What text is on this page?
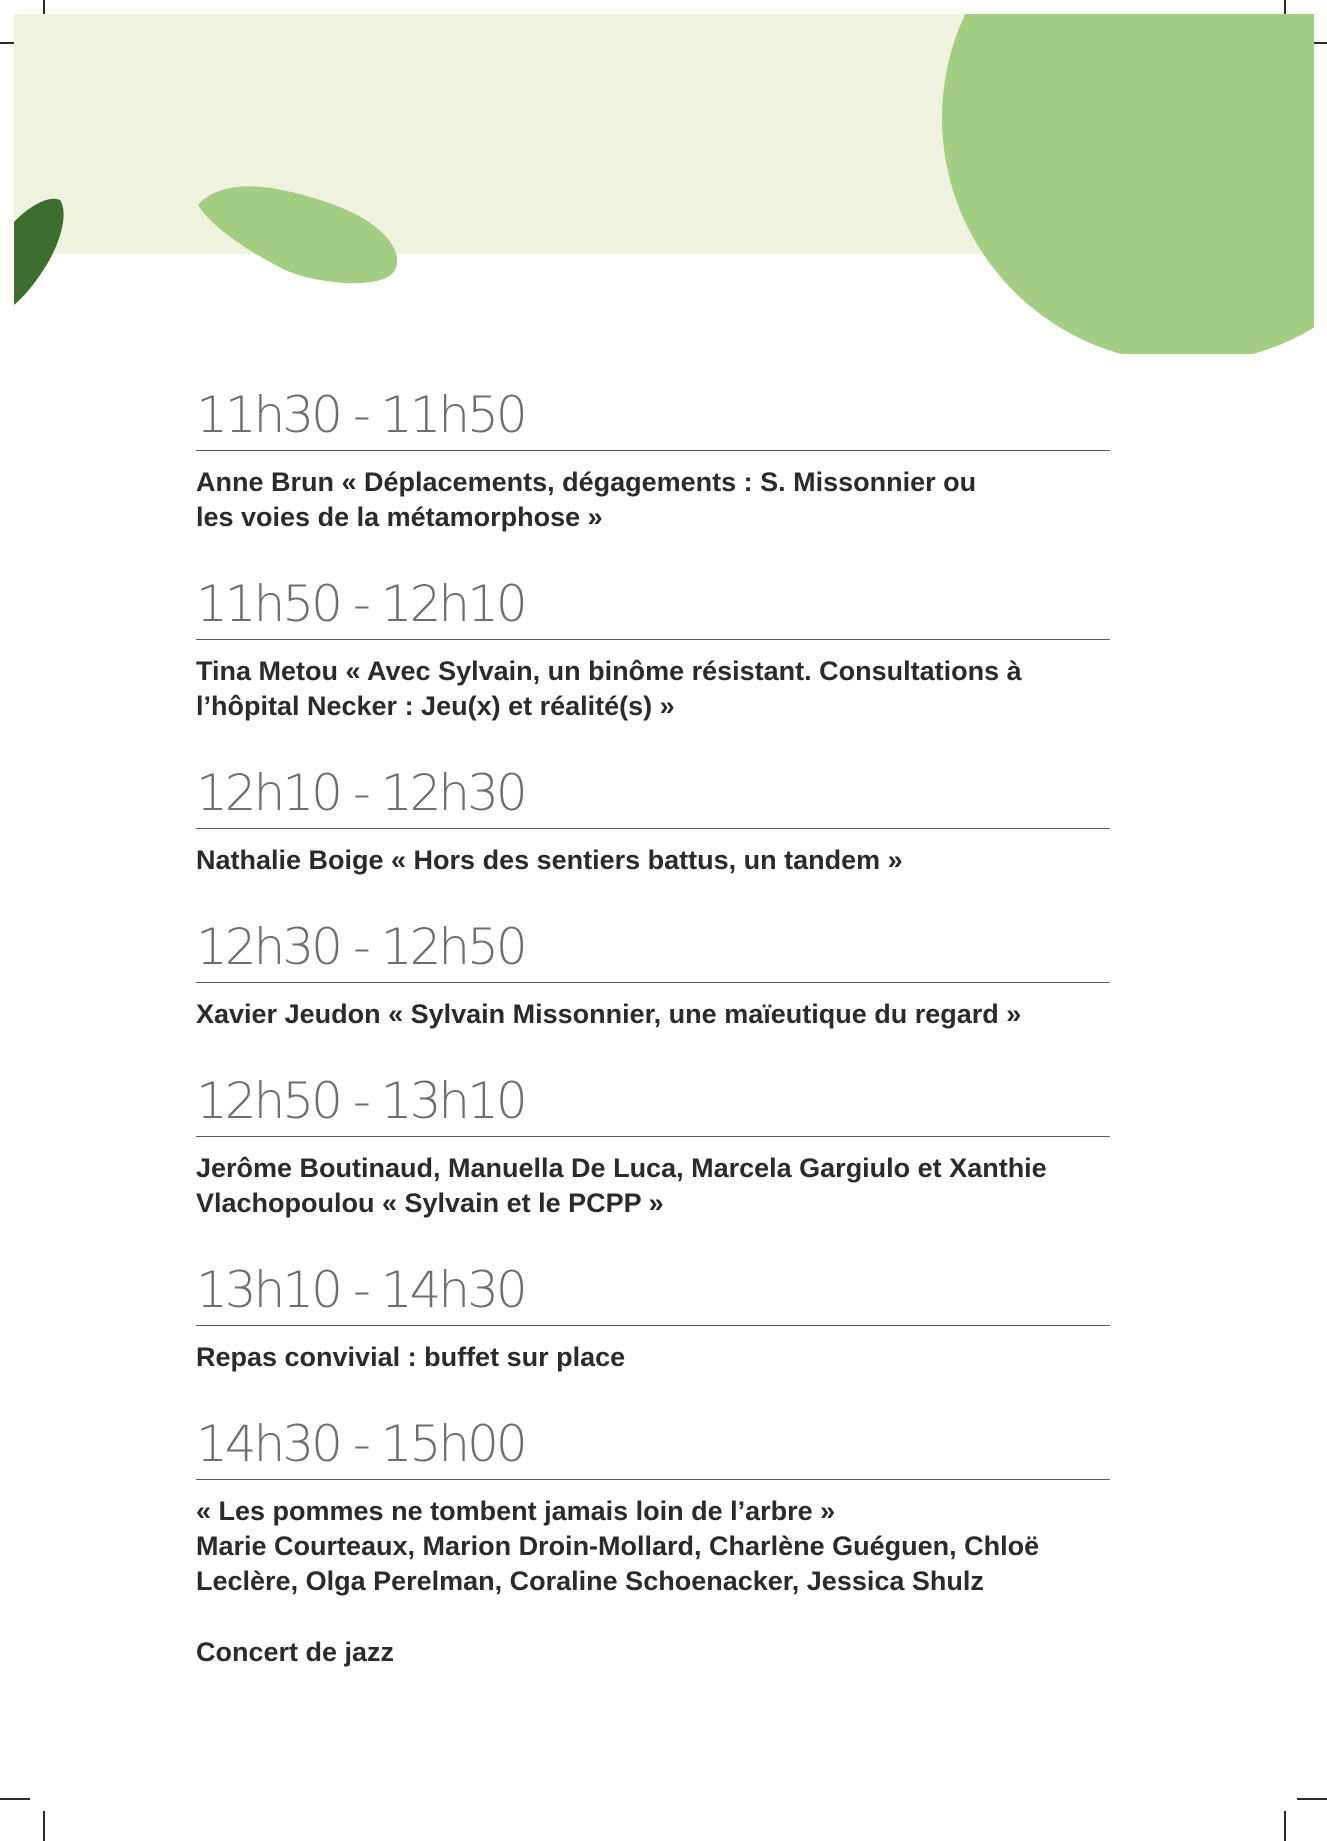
11h30 - 11h50
Anne Brun « Déplacements, dégagements : S. Missonnier ou
les voies de la métamorphose »
11h50 - 12h10
Tina Metou « Avec Sylvain, un binôme résistant. Consultations à
l’hôpital Necker : Jeu(x) et réalité(s) »
12h10 - 12h30
Nathalie Boige « Hors des sentiers battus, un tandem »
12h30 - 12h50
Xavier Jeudon « Sylvain Missonnier, une maïeutique du regard »
12h50 - 13h10
Jerôme Boutinaud, Manuella De Luca, Marcela Gargiulo et Xanthie
Vlachopoulou « Sylvain et le PCPP »
13h10 - 14h30
Repas convivial : buffet sur place
14h30 - 15h00
« Les pommes ne tombent jamais loin de l’arbre »
Marie Courteaux, Marion Droin-Mollard, Charlène Guéguen, Chloë
Leclère, Olga Perelman, Coraline Schoenacker, Jessica Shulz
Concert de jazz
